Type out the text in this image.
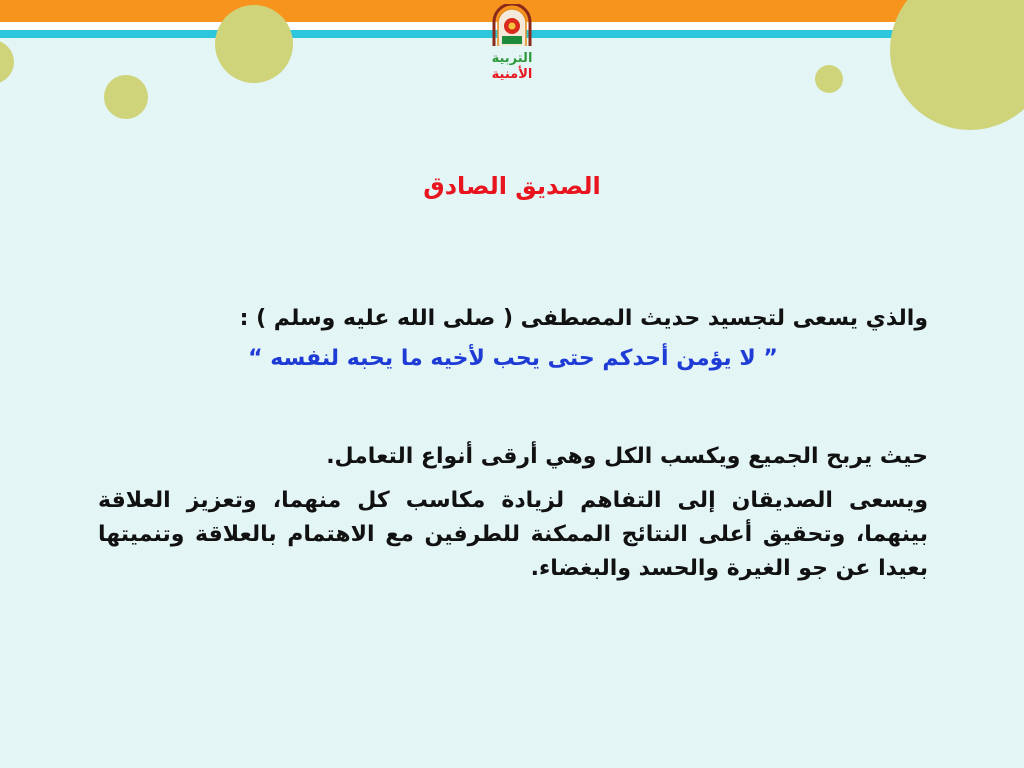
التربية
الأمنية
الصديق الصادق
والذي يسعى لتجسيد حديث المصطفى ( صلى الله عليه وسلم ) :
” لا يؤمن أحدكم حتى يحب لأخيه ما يحبه لنفسه “
حيث يربح الجميع ويكسب الكل وهي أرقى أنواع التعامل.
ويسعى الصديقان إلى التفاهم لزيادة مكاسب كل منهما، وتعزيز العلاقة بينهما، وتحقيق أعلى النتائج الممكنة للطرفين مع الاهتمام بالعلاقة وتنميتها بعيدا عن جو الغيرة والحسد والبغضاء.
